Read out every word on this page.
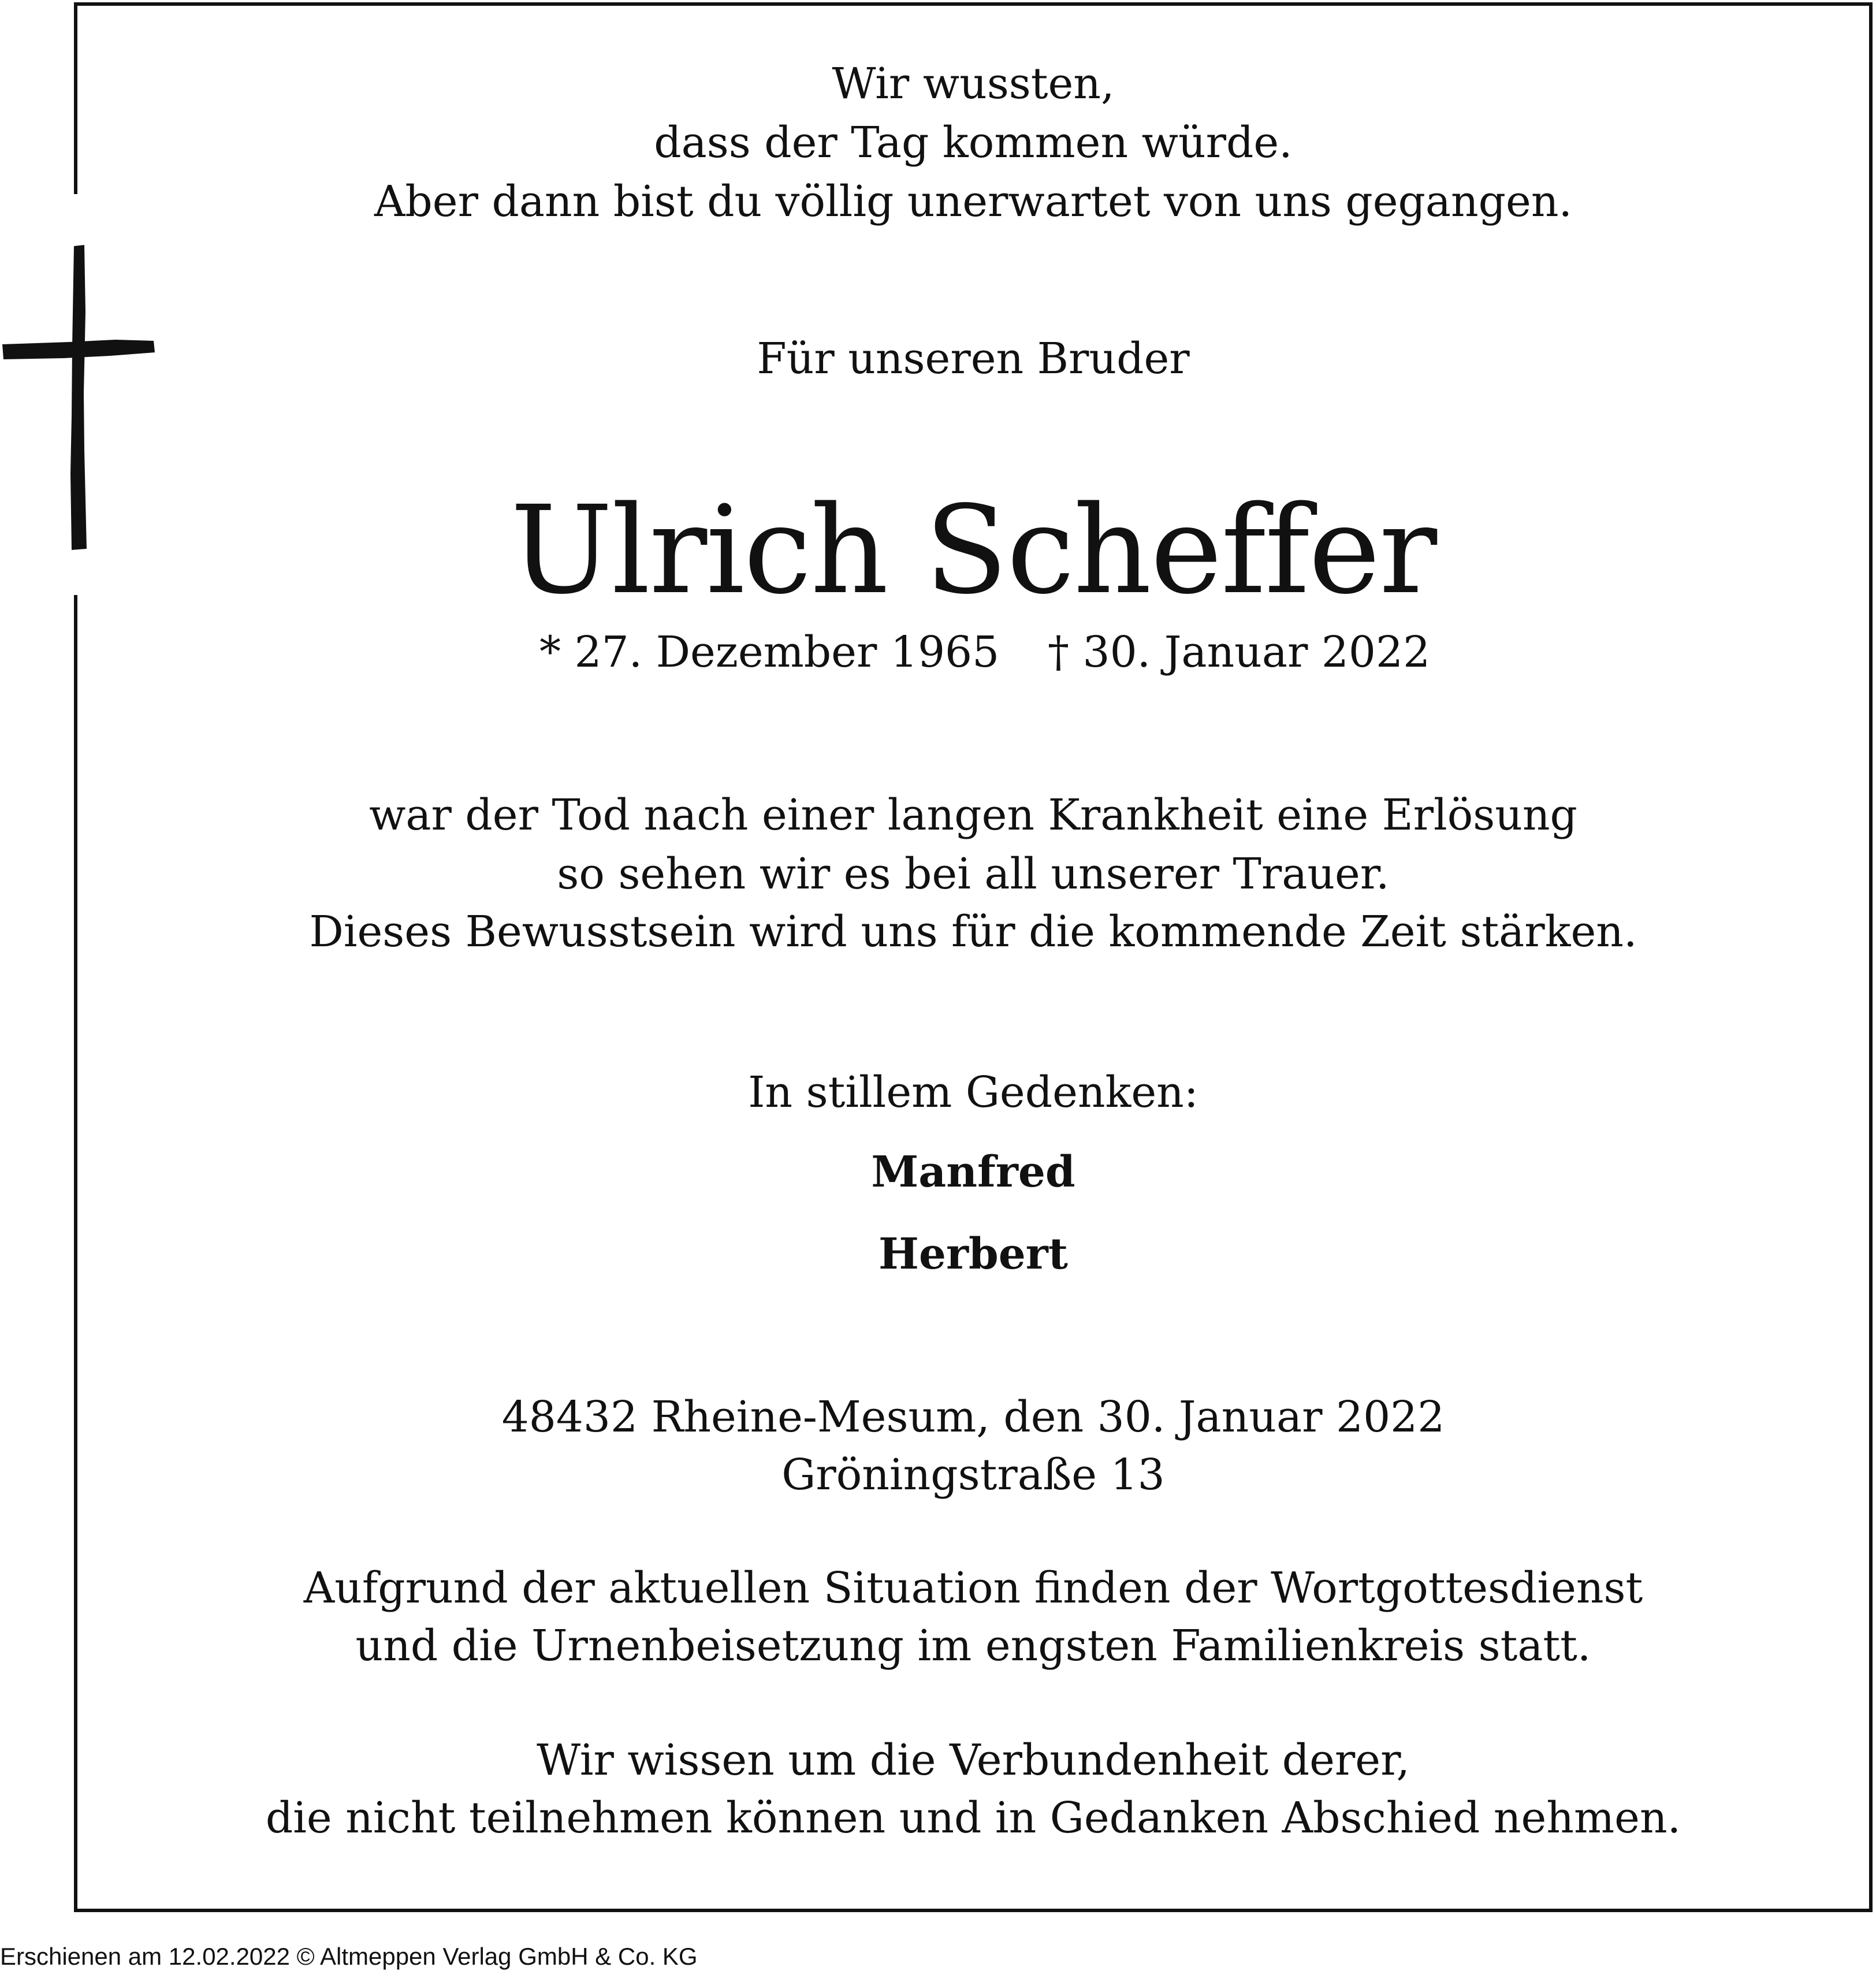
Wir wussten,
dass der Tag kommen würde.
Aber dann bist du völlig unerwartet von uns gegangen.
Für unseren Bruder
Ulrich Scheffer
* 27. Dezember 1965 † 30. Januar 2022
war der Tod nach einer langen Krankheit eine Erlösung
so sehen wir es bei all unserer Trauer.
Dieses Bewusstsein wird uns für die kommende Zeit stärken.
In stillem Gedenken:
Manfred
Herbert
48432 Rheine-Mesum, den 30. Januar 2022
Gröningstraße 13
Aufgrund der aktuellen Situation finden der Wortgottesdienst
und die Urnenbeisetzung im engsten Familienkreis statt.
Wir wissen um die Verbundenheit derer,
die nicht teilnehmen können und in Gedanken Abschied nehmen.
Erschienen am 12.02.2022 © Altmeppen Verlag GmbH & Co. KG
